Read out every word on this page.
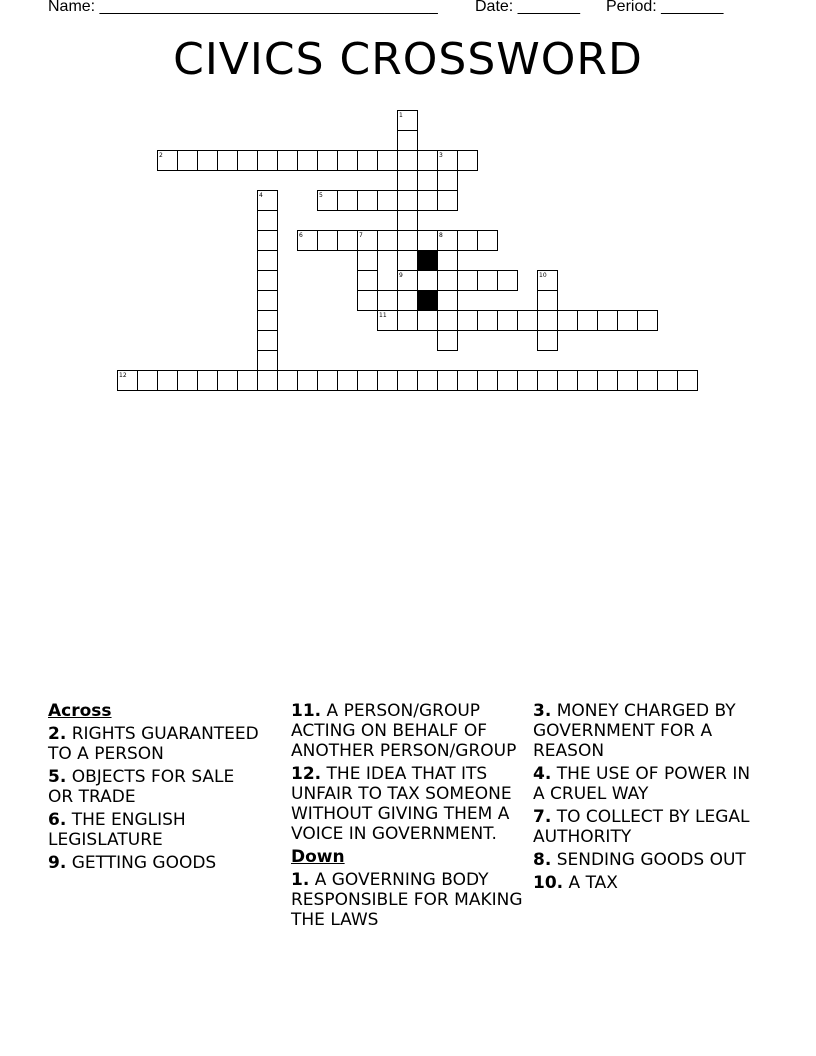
Name: ______________________________________ Date: _______ Period: _______
CIVICS CROSSWORD
1
2	3
4	5
6	7	8
9	10
11
12
Across
2. RIGHTS GUARANTEED TO A PERSON
5. OBJECTS FOR SALE OR TRADE
6. THE ENGLISH LEGISLATURE
9. GETTING GOODS
11. A PERSON/GROUP ACTING ON BEHALF OF ANOTHER PERSON/GROUP
12. THE IDEA THAT ITS UNFAIR TO TAX SOMEONE WITHOUT GIVING THEM A VOICE IN GOVERNMENT.
Down
1. A GOVERNING BODY RESPONSIBLE FOR MAKING THE LAWS
3. MONEY CHARGED BY GOVERNMENT FOR A REASON
4. THE USE OF POWER IN A CRUEL WAY
7. TO COLLECT BY LEGAL AUTHORITY
8. SENDING GOODS OUT
10. A TAX
